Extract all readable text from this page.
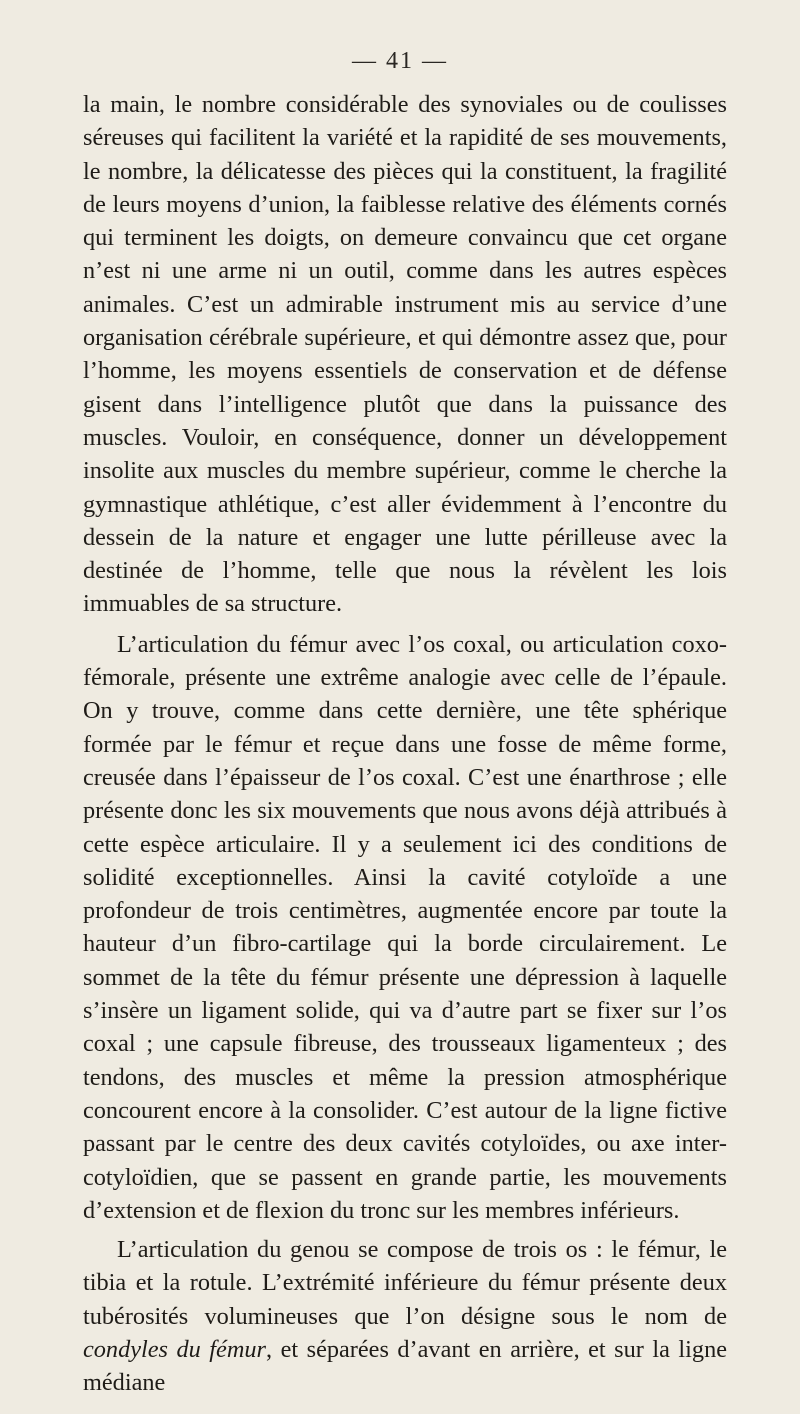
— 41 —

la main, le nombre considérable des synoviales ou de coulisses séreuses qui facilitent la variété et la rapidité de ses mouvements, le nombre, la délicatesse des pièces qui la constituent, la fragilité de leurs moyens d’union, la faiblesse relative des éléments cornés qui terminent les doigts, on demeure convaincu que cet organe n’est ni une arme ni un outil, comme dans les autres espèces animales. C’est un admirable instrument mis au service d’une organisation cérébrale supérieure, et qui démontre assez que, pour l’homme, les moyens essentiels de conservation et de défense gisent dans l’intelligence plutôt que dans la puissance des muscles. Vouloir, en conséquence, donner un développement insolite aux muscles du membre supérieur, comme le cherche la gymnastique athlétique, c’est aller évidemment à l’encontre du dessein de la nature et engager une lutte périlleuse avec la destinée de l’homme, telle que nous la révèlent les lois immuables de sa structure.

L’articulation du fémur avec l’os coxal, ou articulation coxo-fémorale, présente une extrême analogie avec celle de l’épaule. On y trouve, comme dans cette dernière, une tête sphérique formée par le fémur et reçue dans une fosse de même forme, creusée dans l’épaisseur de l’os coxal. C’est une énarthrose ; elle présente donc les six mouvements que nous avons déjà attribués à cette espèce articulaire. Il y a seulement ici des conditions de solidité exceptionnelles. Ainsi la cavité cotyloïde a une profondeur de trois centimètres, augmentée encore par toute la hauteur d’un fibro-cartilage qui la borde circulairement. Le sommet de la tête du fémur présente une dépression à laquelle s’insère un ligament solide, qui va d’autre part se fixer sur l’os coxal ; une capsule fibreuse, des trousseaux ligamenteux ; des tendons, des muscles et même la pression atmosphérique concourent encore à la consolider. C’est autour de la ligne fictive passant par le centre des deux cavités cotyloïdes, ou axe inter-cotyloïdien, que se passent en grande partie, les mouvements d’extension et de flexion du tronc sur les membres inférieurs.

L’articulation du genou se compose de trois os : le fémur, le tibia et la rotule. L’extrémité inférieure du fémur présente deux tubérosités volumineuses que l’on désigne sous le nom de condyles du fémur, et séparées d’avant en arrière, et sur la ligne médiane
